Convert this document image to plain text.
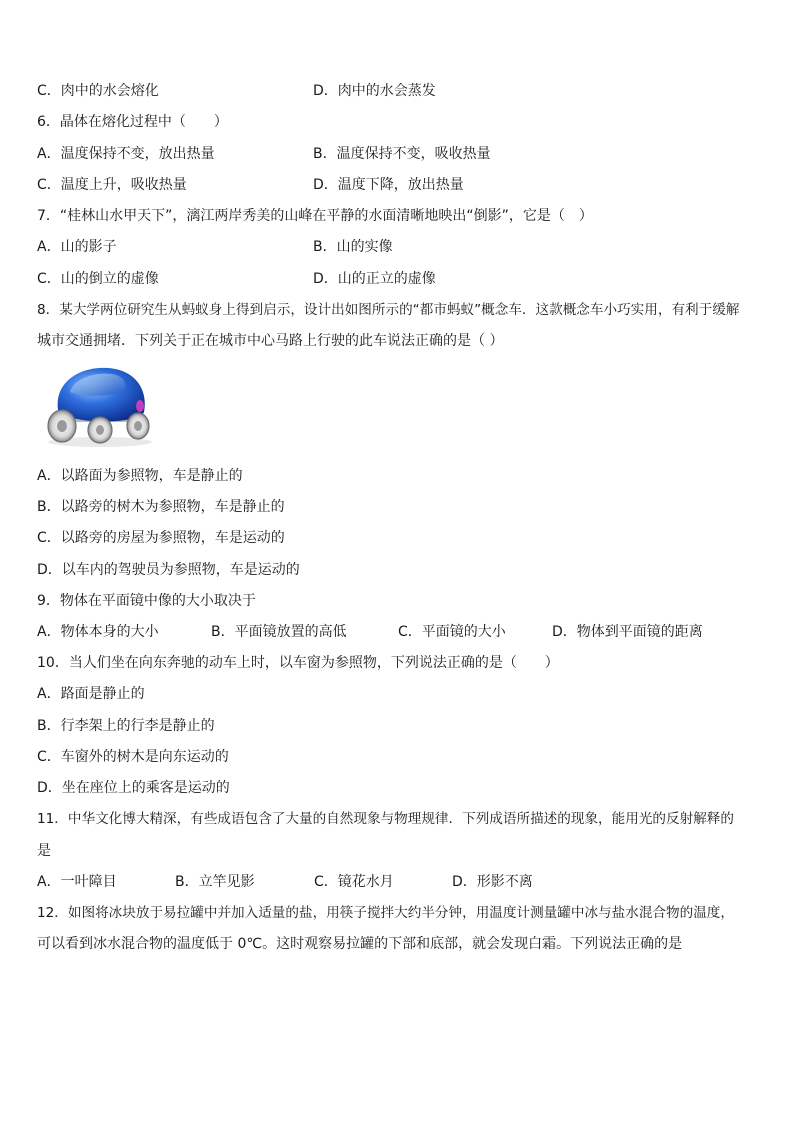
C．肉中的水会熔化	D．肉中的水会蒸发
6．晶体在熔化过程中（　　）
A．温度保持不变，放出热量	B．温度保持不变，吸收热量
C．温度上升，吸收热量	D．温度下降，放出热量
7．“桂林山水甲天下”，漓江两岸秀美的山峰在平静的水面清晰地映出“倒影”，它是（　）
A．山的影子	B．山的实像
C．山的倒立的虚像	D．山的正立的虚像
8．某大学两位研究生从蚂蚁身上得到启示，设计出如图所示的“都市蚂蚁”概念车．这款概念车小巧实用，有利于缓解
城市交通拥堵．下列关于正在城市中心马路上行驶的此车说法正确的是（ ）
A．以路面为参照物，车是静止的
B．以路旁的树木为参照物，车是静止的
C．以路旁的房屋为参照物，车是运动的
D．以车内的驾驶员为参照物，车是运动的
9．物体在平面镜中像的大小取决于
A．物体本身的大小	B．平面镜放置的高低	C．平面镜的大小	D．物体到平面镜的距离
10．当人们坐在向东奔驰的动车上时，以车窗为参照物，下列说法正确的是（　　）
A．路面是静止的
B．行李架上的行李是静止的
C．车窗外的树木是向东运动的
D．坐在座位上的乘客是运动的
11．中华文化博大精深，有些成语包含了大量的自然现象与物理规律．下列成语所描述的现象，能用光的反射解释的
是
A．一叶障目	B．立竿见影	C．镜花水月	D．形影不离
12．如图将冰块放于易拉罐中并加入适量的盐，用筷子搅拌大约半分钟，用温度计测量罐中冰与盐水混合物的温度，
可以看到冰水混合物的温度低于 0℃。这时观察易拉罐的下部和底部，就会发现白霜。下列说法正确的是
